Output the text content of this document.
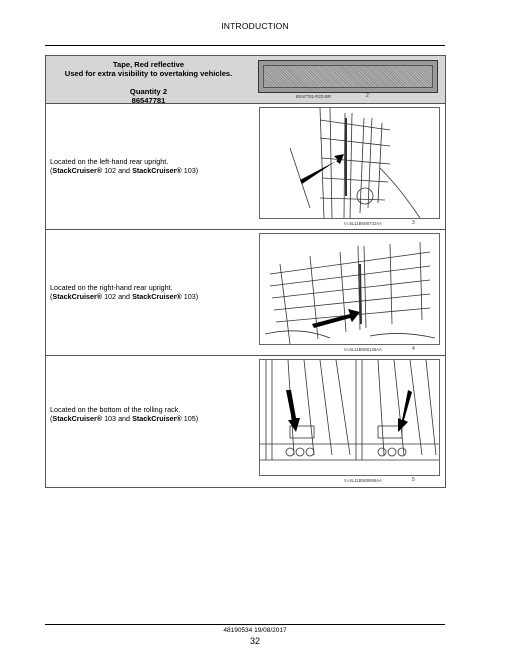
INTRODUCTION
Tape, Red reflective
Used for extra visibility to overtaking vehicles.
Quantity 2
86547781	BSN7781-R2D-BR	2
Located on the left-hand rear upright.
(StackCruiser® 102 and StackCruiser® 103)
V=SL11BN00742AA	3
Located on the right-hand rear upright.
(StackCruiser® 102 and StackCruiser® 103)
V=SL11BN00136AA	4
Located on the bottom of the rolling rack.
(StackCruiser® 103 and StackCruiser® 105)
V=SL11BN00695AA	5
48190534 19/08/2017
32
